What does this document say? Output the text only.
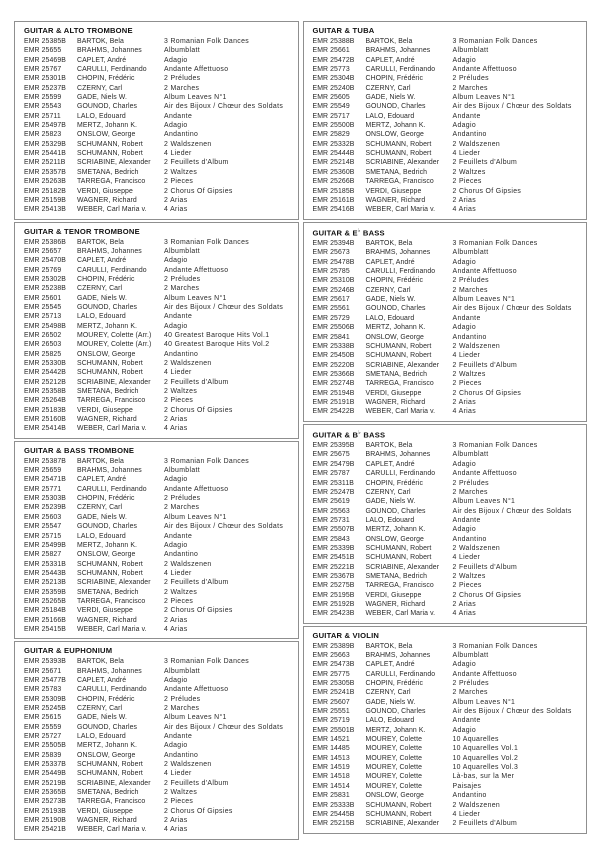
GUITAR & ALTO TROMBONE
EMR 25385B	BARTOK, Bela	3 Romanian Folk Dances
EMR 25655	BRAHMS, Johannes	Albumblatt
EMR 25469B	CAPLET, André	Adagio
EMR 25767	CARULLI, Ferdinando	Andante Affettuoso
EMR 25301B	CHOPIN, Frédéric	2 Préludes
EMR 25237B	CZERNY, Carl	2 Marches
EMR 25599	GADE, Niels W.	Album Leaves N°1
EMR 25543	GOUNOD, Charles	Air des Bijoux / Chœur des Soldats
EMR 25711	LALO, Edouard	Andante
EMR 25497B	MERTZ, Johann K.	Adagio
EMR 25823	ONSLOW, George	Andantino
EMR 25329B	SCHUMANN, Robert	2 Waldszenen
EMR 25441B	SCHUMANN, Robert	4 Lieder
EMR 25211B	SCRIABINE, Alexander	2 Feuillets d'Album
EMR 25357B	SMETANA, Bedrich	2 Waltzes
EMR 25263B	TARREGA, Francisco	2 Pieces
EMR 25182B	VERDI, Giuseppe	2 Chorus Of Gipsies
EMR 25159B	WAGNER, Richard	2 Arias
EMR 25413B	WEBER, Carl Maria v.	4 Arias
GUITAR & TENOR TROMBONE
EMR 25386B	BARTOK, Bela	3 Romanian Folk Dances
EMR 25657	BRAHMS, Johannes	Albumblatt
EMR 25470B	CAPLET, André	Adagio
EMR 25769	CARULLI, Ferdinando	Andante Affettuoso
EMR 25302B	CHOPIN, Frédéric	2 Préludes
EMR 25238B	CZERNY, Carl	2 Marches
EMR 25601	GADE, Niels W.	Album Leaves N°1
EMR 25545	GOUNOD, Charles	Air des Bijoux / Chœur des Soldats
EMR 25713	LALO, Edouard	Andante
EMR 25498B	MERTZ, Johann K.	Adagio
EMR 26502	MOUREY, Colette (Arr.)	40 Greatest Baroque Hits Vol.1
EMR 26503	MOUREY, Colette (Arr.)	40 Greatest Baroque Hits Vol.2
EMR 25825	ONSLOW, George	Andantino
EMR 25330B	SCHUMANN, Robert	2 Waldszenen
EMR 25442B	SCHUMANN, Robert	4 Lieder
EMR 25212B	SCRIABINE, Alexander	2 Feuillets d'Album
EMR 25358B	SMETANA, Bedrich	2 Waltzes
EMR 25264B	TARREGA, Francisco	2 Pieces
EMR 25183B	VERDI, Giuseppe	2 Chorus Of Gipsies
EMR 25160B	WAGNER, Richard	2 Arias
EMR 25414B	WEBER, Carl Maria v.	4 Arias
GUITAR & BASS TROMBONE
EMR 25387B	BARTOK, Bela	3 Romanian Folk Dances
EMR 25659	BRAHMS, Johannes	Albumblatt
EMR 25471B	CAPLET, André	Adagio
EMR 25771	CARULLI, Ferdinando	Andante Affettuoso
EMR 25303B	CHOPIN, Frédéric	2 Préludes
EMR 25239B	CZERNY, Carl	2 Marches
EMR 25603	GADE, Niels W.	Album Leaves N°1
EMR 25547	GOUNOD, Charles	Air des Bijoux / Chœur des Soldats
EMR 25715	LALO, Edouard	Andante
EMR 25499B	MERTZ, Johann K.	Adagio
EMR 25827	ONSLOW, George	Andantino
EMR 25331B	SCHUMANN, Robert	2 Waldszenen
EMR 25443B	SCHUMANN, Robert	4 Lieder
EMR 25213B	SCRIABINE, Alexander	2 Feuillets d'Album
EMR 25359B	SMETANA, Bedrich	2 Waltzes
EMR 25265B	TARREGA, Francisco	2 Pieces
EMR 25184B	VERDI, Giuseppe	2 Chorus Of Gipsies
EMR 25166B	WAGNER, Richard	2 Arias
EMR 25415B	WEBER, Carl Maria v.	4 Arias
GUITAR & EUPHONIUM
EMR 25393B	BARTOK, Bela	3 Romanian Folk Dances
EMR 25671	BRAHMS, Johannes	Albumblatt
EMR 25477B	CAPLET, André	Adagio
EMR 25783	CARULLI, Ferdinando	Andante Affettuoso
EMR 25309B	CHOPIN, Frédéric	2 Préludes
EMR 25245B	CZERNY, Carl	2 Marches
EMR 25615	GADE, Niels W.	Album Leaves N°1
EMR 25559	GOUNOD, Charles	Air des Bijoux / Chœur des Soldats
EMR 25727	LALO, Edouard	Andante
EMR 25505B	MERTZ, Johann K.	Adagio
EMR 25839	ONSLOW, George	Andantino
EMR 25337B	SCHUMANN, Robert	2 Waldszenen
EMR 25449B	SCHUMANN, Robert	4 Lieder
EMR 25219B	SCRIABINE, Alexander	2 Feuillets d'Album
EMR 25365B	SMETANA, Bedrich	2 Waltzes
EMR 25273B	TARREGA, Francisco	2 Pieces
EMR 25193B	VERDI, Giuseppe	2 Chorus Of Gipsies
EMR 25190B	WAGNER, Richard	2 Arias
EMR 25421B	WEBER, Carl Maria v.	4 Arias
GUITAR & TUBA
EMR 25388B	BARTOK, Bela	3 Romanian Folk Dances
EMR 25661	BRAHMS, Johannes	Albumblatt
EMR 25472B	CAPLET, André	Adagio
EMR 25773	CARULLI, Ferdinando	Andante Affettuoso
EMR 25304B	CHOPIN, Frédéric	2 Préludes
EMR 25240B	CZERNY, Carl	2 Marches
EMR 25605	GADE, Niels W.	Album Leaves N°1
EMR 25549	GOUNOD, Charles	Air des Bijoux / Chœur des Soldats
EMR 25717	LALO, Edouard	Andante
EMR 25500B	MERTZ, Johann K.	Adagio
EMR 25829	ONSLOW, George	Andantino
EMR 25332B	SCHUMANN, Robert	2 Waldszenen
EMR 25444B	SCHUMANN, Robert	4 Lieder
EMR 25214B	SCRIABINE, Alexander	2 Feuillets d'Album
EMR 25360B	SMETANA, Bedrich	2 Waltzes
EMR 25266B	TARREGA, Francisco	2 Pieces
EMR 25185B	VERDI, Giuseppe	2 Chorus Of Gipsies
EMR 25161B	WAGNER, Richard	2 Arias
EMR 25416B	WEBER, Carl Maria v.	4 Arias
GUITAR & E♭ BASS
EMR 25394B	BARTOK, Bela	3 Romanian Folk Dances
EMR 25673	BRAHMS, Johannes	Albumblatt
EMR 25478B	CAPLET, André	Adagio
EMR 25785	CARULLI, Ferdinando	Andante Affettuoso
EMR 25310B	CHOPIN, Frédéric	2 Préludes
EMR 25246B	CZERNY, Carl	2 Marches
EMR 25617	GADE, Niels W.	Album Leaves N°1
EMR 25561	GOUNOD, Charles	Air des Bijoux / Chœur des Soldats
EMR 25729	LALO, Edouard	Andante
EMR 25506B	MERTZ, Johann K.	Adagio
EMR 25841	ONSLOW, George	Andantino
EMR 25338B	SCHUMANN, Robert	2 Waldszenen
EMR 25450B	SCHUMANN, Robert	4 Lieder
EMR 25220B	SCRIABINE, Alexander	2 Feuillets d'Album
EMR 25366B	SMETANA, Bedrich	2 Waltzes
EMR 25274B	TARREGA, Francisco	2 Pieces
EMR 25194B	VERDI, Giuseppe	2 Chorus Of Gipsies
EMR 25191B	WAGNER, Richard	2 Arias
EMR 25422B	WEBER, Carl Maria v.	4 Arias
GUITAR & B♭ BASS
EMR 25395B	BARTOK, Bela	3 Romanian Folk Dances
EMR 25675	BRAHMS, Johannes	Albumblatt
EMR 25479B	CAPLET, André	Adagio
EMR 25787	CARULLI, Ferdinando	Andante Affettuoso
EMR 25311B	CHOPIN, Frédéric	2 Préludes
EMR 25247B	CZERNY, Carl	2 Marches
EMR 25619	GADE, Niels W.	Album Leaves N°1
EMR 25563	GOUNOD, Charles	Air des Bijoux / Chœur des Soldats
EMR 25731	LALO, Edouard	Andante
EMR 25507B	MERTZ, Johann K.	Adagio
EMR 25843	ONSLOW, George	Andantino
EMR 25339B	SCHUMANN, Robert	2 Waldszenen
EMR 25451B	SCHUMANN, Robert	4 Lieder
EMR 25221B	SCRIABINE, Alexander	2 Feuillets d'Album
EMR 25367B	SMETANA, Bedrich	2 Waltzes
EMR 25275B	TARREGA, Francisco	2 Pieces
EMR 25195B	VERDI, Giuseppe	2 Chorus Of Gipsies
EMR 25192B	WAGNER, Richard	2 Arias
EMR 25423B	WEBER, Carl Maria v.	4 Arias
GUITAR & VIOLIN
EMR 25389B	BARTOK, Bela	3 Romanian Folk Dances
EMR 25663	BRAHMS, Johannes	Albumblatt
EMR 25473B	CAPLET, André	Adagio
EMR 25775	CARULLI, Ferdinando	Andante Affettuoso
EMR 25305B	CHOPIN, Frédéric	2 Préludes
EMR 25241B	CZERNY, Carl	2 Marches
EMR 25607	GADE, Niels W.	Album Leaves N°1
EMR 25551	GOUNOD, Charles	Air des Bijoux / Chœur des Soldats
EMR 25719	LALO, Edouard	Andante
EMR 25501B	MERTZ, Johann K.	Adagio
EMR 14521	MOUREY, Colette	10 Aquarelles
EMR 14485	MOUREY, Colette	10 Aquarelles Vol.1
EMR 14513	MOUREY, Colette	10 Aquarelles Vol.2
EMR 14519	MOUREY, Colette	10 Aquarelles Vol.3
EMR 14518	MOUREY, Colette	Là-bas, sur la Mer
EMR 14514	MOUREY, Colette	Paisajes
EMR 25831	ONSLOW, George	Andantino
EMR 25333B	SCHUMANN, Robert	2 Waldszenen
EMR 25445B	SCHUMANN, Robert	4 Lieder
EMR 25215B	SCRIABINE, Alexander	2 Feuillets d'Album
